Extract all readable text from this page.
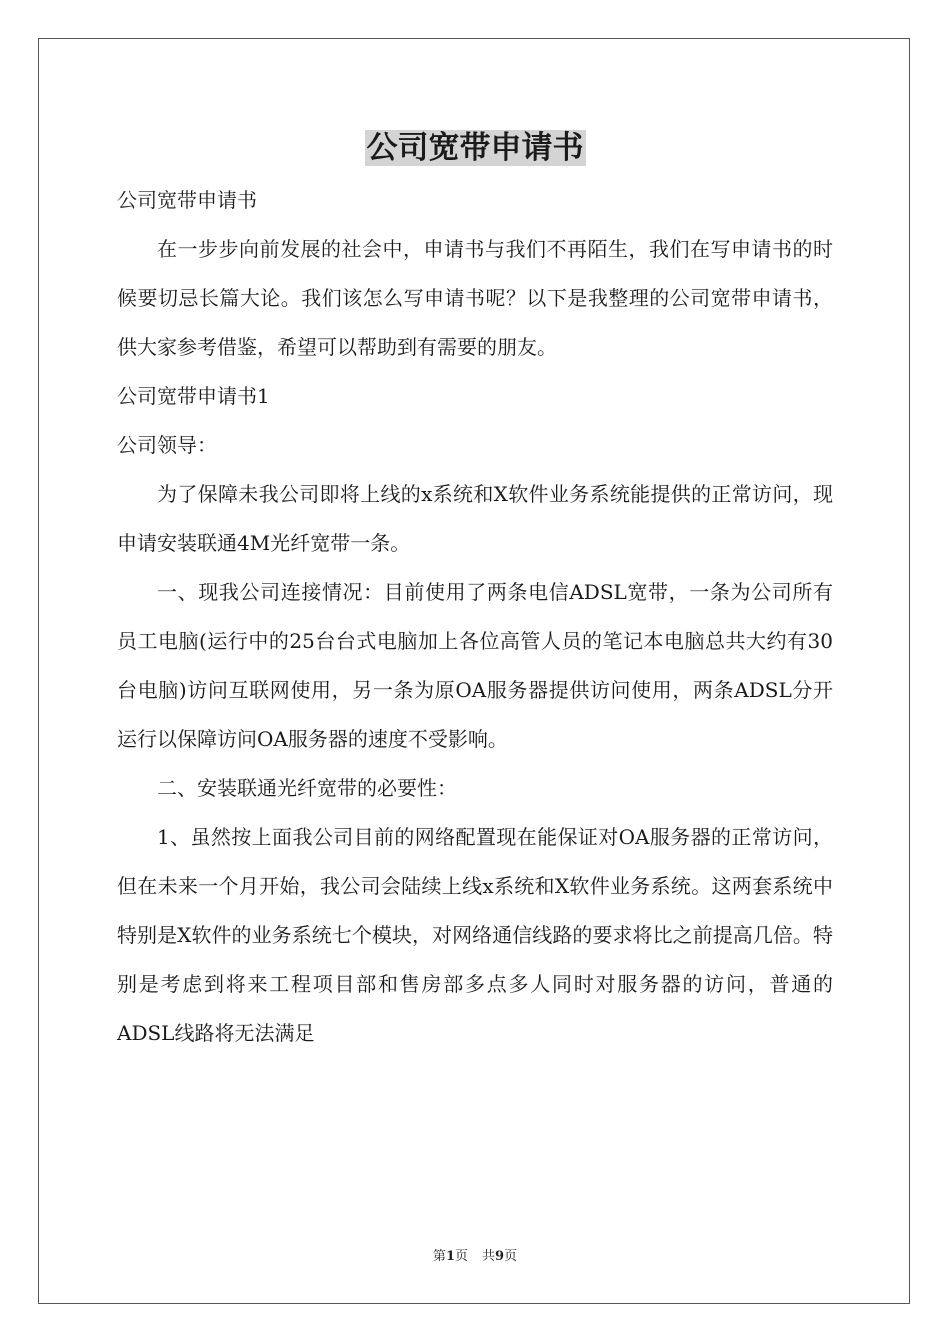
公司宽带申请书

公司宽带申请书

在一步步向前发展的社会中，申请书与我们不再陌生，我们在写申请书的时候要切忌长篇大论。我们该怎么写申请书呢？以下是我整理的公司宽带申请书，供大家参考借鉴，希望可以帮助到有需要的朋友。

公司宽带申请书1

公司领导：

为了保障未我公司即将上线的x系统和X软件业务系统能提供的正常访问，现申请安装联通4M光纤宽带一条。

一、现我公司连接情况：目前使用了两条电信ADSL宽带，一条为公司所有员工电脑(运行中的25台台式电脑加上各位高管人员的笔记本电脑总共大约有30台电脑)访问互联网使用，另一条为原OA服务器提供访问使用，两条ADSL分开运行以保障访问OA服务器的速度不受影响。

二、安装联通光纤宽带的必要性：

1、虽然按上面我公司目前的网络配置现在能保证对OA服务器的正常访问，但在未来一个月开始，我公司会陆续上线x系统和X软件业务系统。这两套系统中特别是X软件的业务系统七个模块，对网络通信线路的要求将比之前提高几倍。特别是考虑到将来工程项目部和售房部多点多人同时对服务器的访问，普通的ADSL线路将无法满足

第1页 共9页
